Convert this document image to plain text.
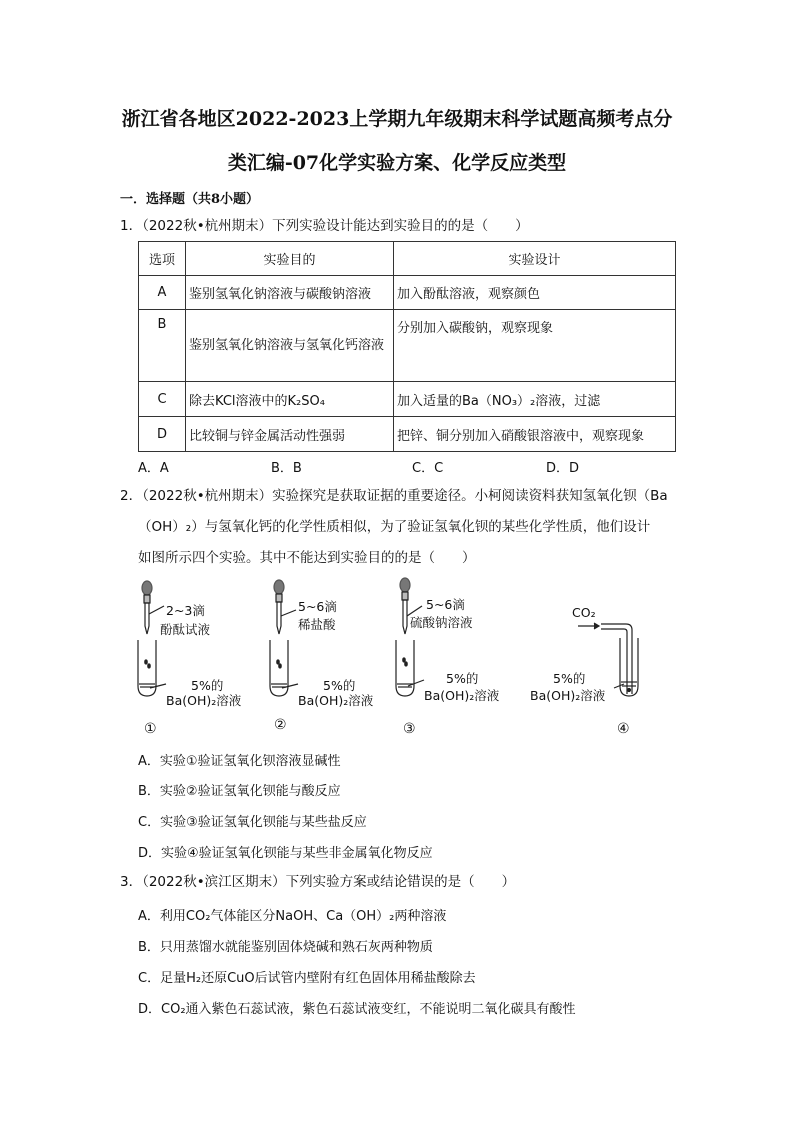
浙江省各地区2022-2023上学期九年级期末科学试题高频考点分
类汇编-07化学实验方案、化学反应类型
一．选择题（共8小题）
1．（2022秋•杭州期末）下列实验设计能达到实验目的的是（　　）
选项	实验目的	实验设计
A	鉴别氢氧化钠溶液与碳酸钠溶液	加入酚酞溶液，观察颜色
B	鉴别氢氧化钠溶液与氢氧化钙溶液	分别加入碳酸钠，观察现象
C	除去KCl溶液中的K₂SO₄	加入适量的Ba（NO₃）₂溶液，过滤
D	比较铜与锌金属活动性强弱	把锌、铜分别加入硝酸银溶液中，观察现象
A．A	B．B	C．C	D．D
2．（2022秋•杭州期末）实验探究是获取证据的重要途径。小柯阅读资料获知氢氧化钡（Ba
（OH）₂）与氢氧化钙的化学性质相似，为了验证氢氧化钡的某些化学性质，他们设计
如图所示四个实验。其中不能达到实验目的的是（　　）
2~3滴
酚酞试液
5%的
Ba(OH)₂溶液
①
5~6滴
稀盐酸
5%的
Ba(OH)₂溶液
②
5~6滴
硫酸钠溶液
5%的
Ba(OH)₂溶液
③
CO₂
5%的
Ba(OH)₂溶液
④
A．实验①验证氢氧化钡溶液显碱性
B．实验②验证氢氧化钡能与酸反应
C．实验③验证氢氧化钡能与某些盐反应
D．实验④验证氢氧化钡能与某些非金属氧化物反应
3．（2022秋•滨江区期末）下列实验方案或结论错误的是（　　）
A．利用CO₂气体能区分NaOH、Ca（OH）₂两种溶液
B．只用蒸馏水就能鉴别固体烧碱和熟石灰两种物质
C．足量H₂还原CuO后试管内壁附有红色固体用稀盐酸除去
D．CO₂通入紫色石蕊试液，紫色石蕊试液变红，不能说明二氧化碳具有酸性
